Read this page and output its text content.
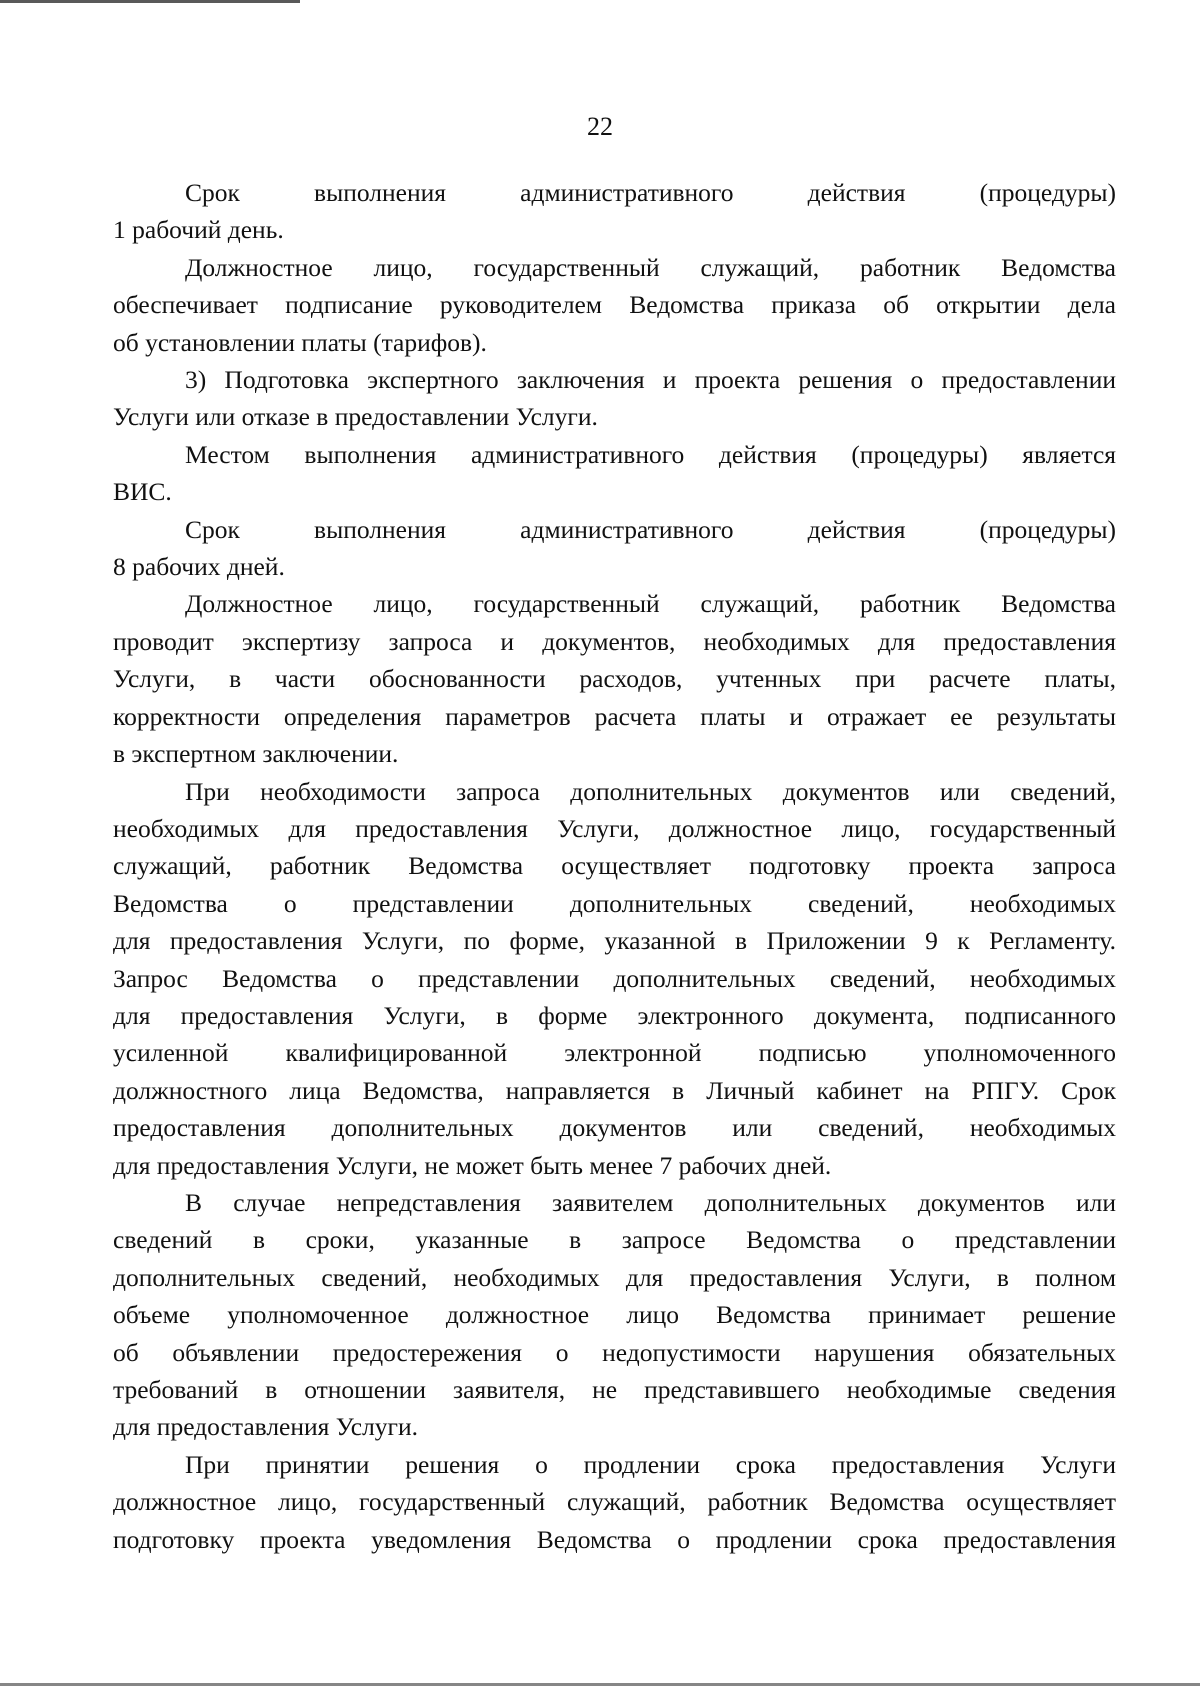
22
Срок выполнения административного действия (процедуры)
1 рабочий день.
Должностное лицо, государственный служащий, работник Ведомства
обеспечивает подписание руководителем Ведомства приказа об открытии дела
об установлении платы (тарифов).
3) Подготовка экспертного заключения и проекта решения о предоставлении
Услуги или отказе в предоставлении Услуги.
Местом выполнения административного действия (процедуры) является
ВИС.
Срок выполнения административного действия (процедуры)
8 рабочих дней.
Должностное лицо, государственный служащий, работник Ведомства
проводит экспертизу запроса и документов, необходимых для предоставления
Услуги, в части обоснованности расходов, учтенных при расчете платы,
корректности определения параметров расчета платы и отражает ее результаты
в экспертном заключении.
При необходимости запроса дополнительных документов или сведений,
необходимых для предоставления Услуги, должностное лицо, государственный
служащий, работник Ведомства осуществляет подготовку проекта запроса
Ведомства о представлении дополнительных сведений, необходимых
для предоставления Услуги, по форме, указанной в Приложении 9 к Регламенту.
Запрос Ведомства о представлении дополнительных сведений, необходимых
для предоставления Услуги, в форме электронного документа, подписанного
усиленной квалифицированной электронной подписью уполномоченного
должностного лица Ведомства, направляется в Личный кабинет на РПГУ. Срок
предоставления дополнительных документов или сведений, необходимых
для предоставления Услуги, не может быть менее 7 рабочих дней.
В случае непредставления заявителем дополнительных документов или
сведений в сроки, указанные в запросе Ведомства о представлении
дополнительных сведений, необходимых для предоставления Услуги, в полном
объеме уполномоченное должностное лицо Ведомства принимает решение
об объявлении предостережения о недопустимости нарушения обязательных
требований в отношении заявителя, не представившего необходимые сведения
для предоставления Услуги.
При принятии решения о продлении срока предоставления Услуги
должностное лицо, государственный служащий, работник Ведомства осуществляет
подготовку проекта уведомления Ведомства о продлении срока предоставления
